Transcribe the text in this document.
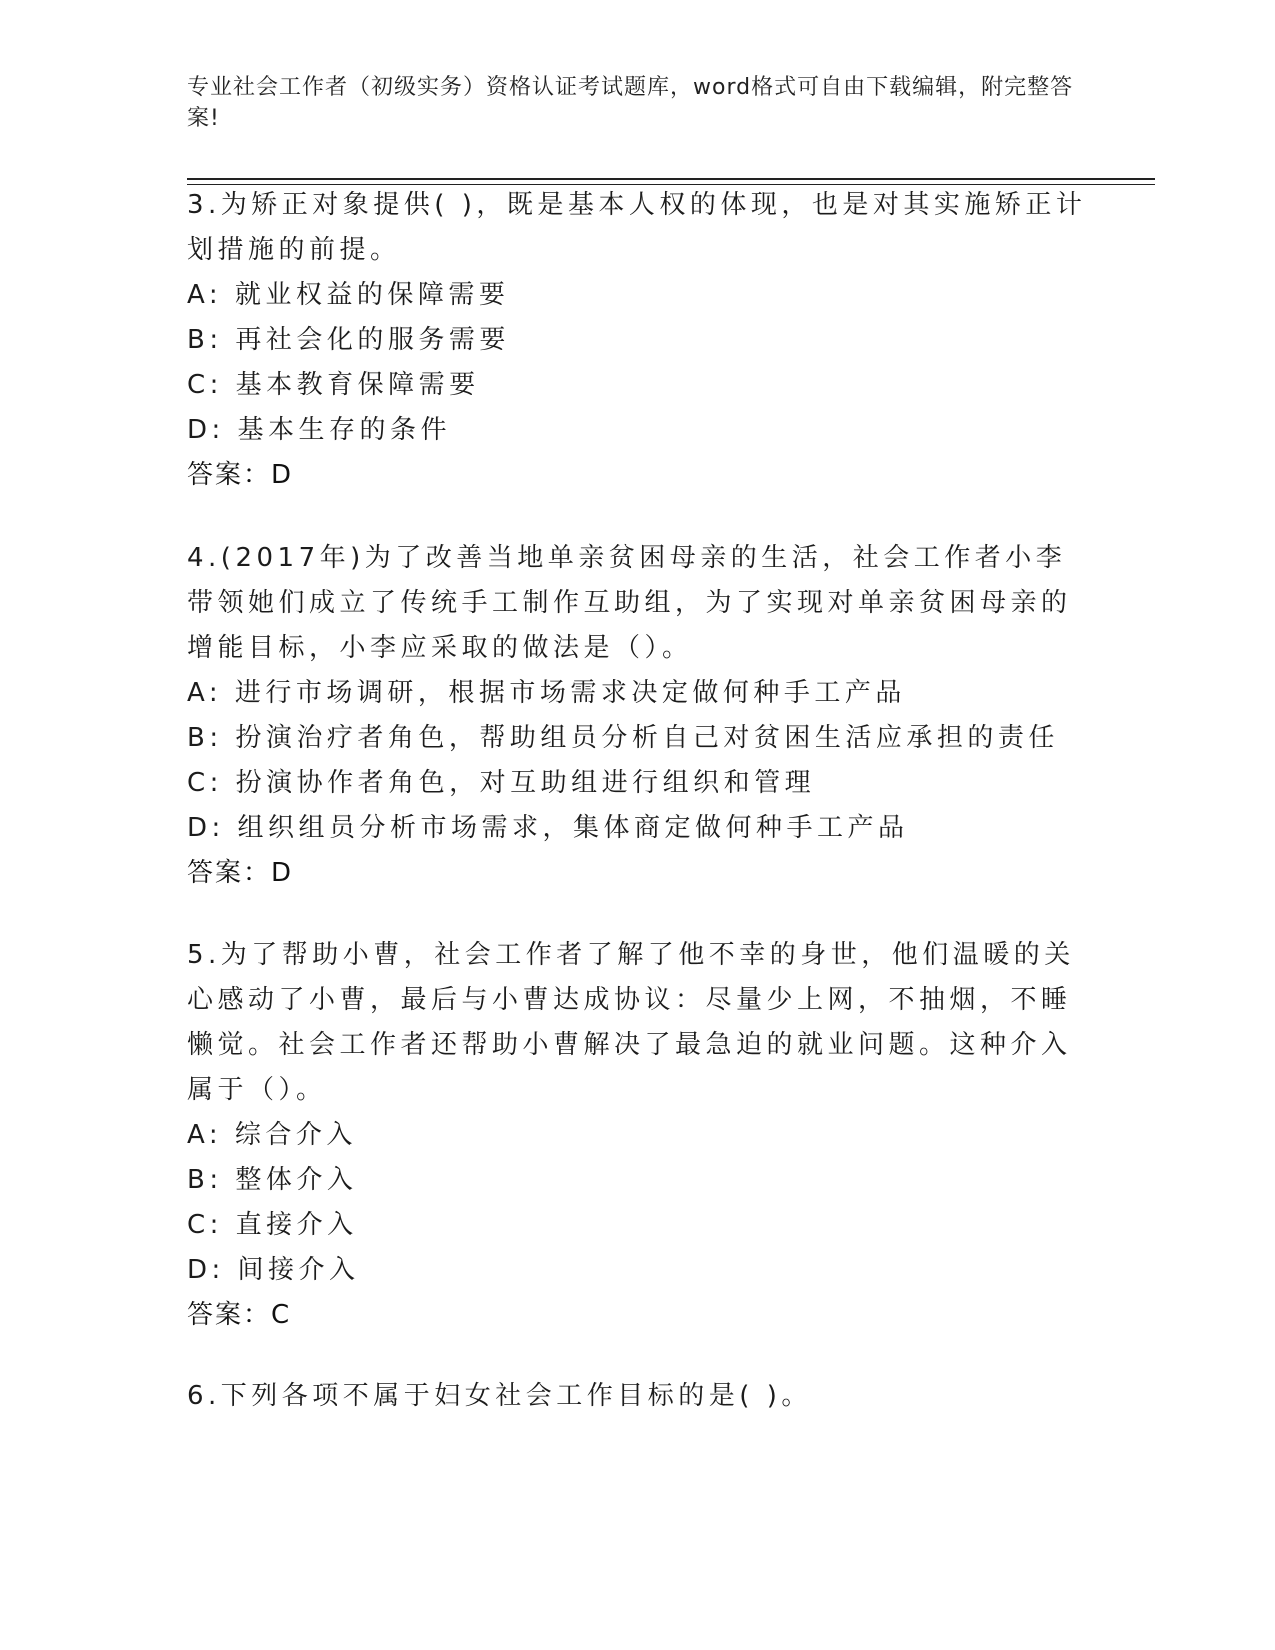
专业社会工作者（初级实务）资格认证考试题库，word格式可自由下载编辑，附完整答案!
3.为矫正对象提供( )，既是基本人权的体现，也是对其实施矫正计划措施的前提。
A: 就业权益的保障需要
B: 再社会化的服务需要
C: 基本教育保障需要
D: 基本生存的条件
答案：D
4.(2017年)为了改善当地单亲贫困母亲的生活，社会工作者小李带领她们成立了传统手工制作互助组，为了实现对单亲贫困母亲的增能目标，小李应采取的做法是（）。
A: 进行市场调研，根据市场需求决定做何种手工产品
B: 扮演治疗者角色，帮助组员分析自己对贫困生活应承担的责任
C: 扮演协作者角色，对互助组进行组织和管理
D: 组织组员分析市场需求，集体商定做何种手工产品
答案：D
5.为了帮助小曹，社会工作者了解了他不幸的身世，他们温暖的关心感动了小曹，最后与小曹达成协议：尽量少上网，不抽烟，不睡懒觉。社会工作者还帮助小曹解决了最急迫的就业问题。这种介入属于（）。
A: 综合介入
B: 整体介入
C: 直接介入
D: 间接介入
答案：C
6.下列各项不属于妇女社会工作目标的是( )。
